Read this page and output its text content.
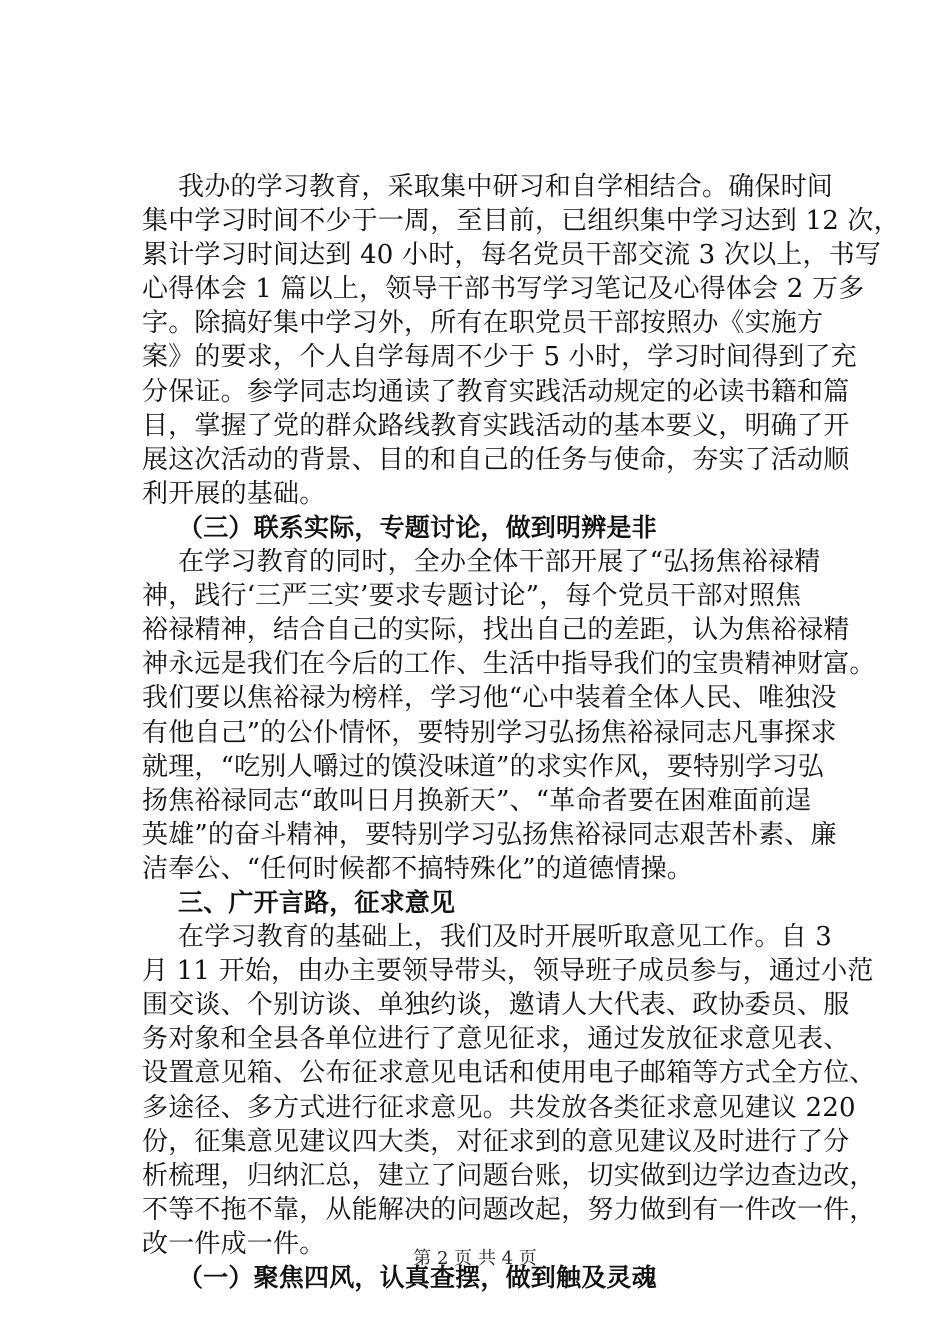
我办的学习教育，采取集中研习和自学相结合。确保时间
集中学习时间不少于一周，至目前，已组织集中学习达到 12 次，
累计学习时间达到 40 小时，每名党员干部交流 3 次以上，书写
心得体会 1 篇以上，领导干部书写学习笔记及心得体会 2 万多
字。除搞好集中学习外，所有在职党员干部按照办《实施方
案》的要求，个人自学每周不少于 5 小时，学习时间得到了充
分保证。参学同志均通读了教育实践活动规定的必读书籍和篇
目，掌握了党的群众路线教育实践活动的基本要义，明确了开
展这次活动的背景、目的和自己的任务与使命，夯实了活动顺
利开展的基础。
（三）联系实际，专题讨论，做到明辨是非
在学习教育的同时，全办全体干部开展了“弘扬焦裕禄精
神，践行‘三严三实’要求专题讨论”，每个党员干部对照焦
裕禄精神，结合自己的实际，找出自己的差距，认为焦裕禄精
神永远是我们在今后的工作、生活中指导我们的宝贵精神财富。
我们要以焦裕禄为榜样，学习他“心中装着全体人民、唯独没
有他自己”的公仆情怀，要特别学习弘扬焦裕禄同志凡事探求
就理，“吃别人嚼过的馍没味道”的求实作风，要特别学习弘
扬焦裕禄同志“敢叫日月换新天”、“革命者要在困难面前逞
英雄”的奋斗精神，要特别学习弘扬焦裕禄同志艰苦朴素、廉
洁奉公、“任何时候都不搞特殊化”的道德情操。
三、广开言路，征求意见
在学习教育的基础上，我们及时开展听取意见工作。自 3
月 11 开始，由办主要领导带头，领导班子成员参与，通过小范
围交谈、个别访谈、单独约谈，邀请人大代表、政协委员、服
务对象和全县各单位进行了意见征求，通过发放征求意见表、
设置意见箱、公布征求意见电话和使用电子邮箱等方式全方位、
多途径、多方式进行征求意见。共发放各类征求意见建议 220
份，征集意见建议四大类，对征求到的意见建议及时进行了分
析梳理，归纳汇总，建立了问题台账，切实做到边学边查边改，
不等不拖不靠，从能解决的问题改起，努力做到有一件改一件，
改一件成一件。
（一）聚焦四风，认真查摆，做到触及灵魂
第 2 页 共 4 页
